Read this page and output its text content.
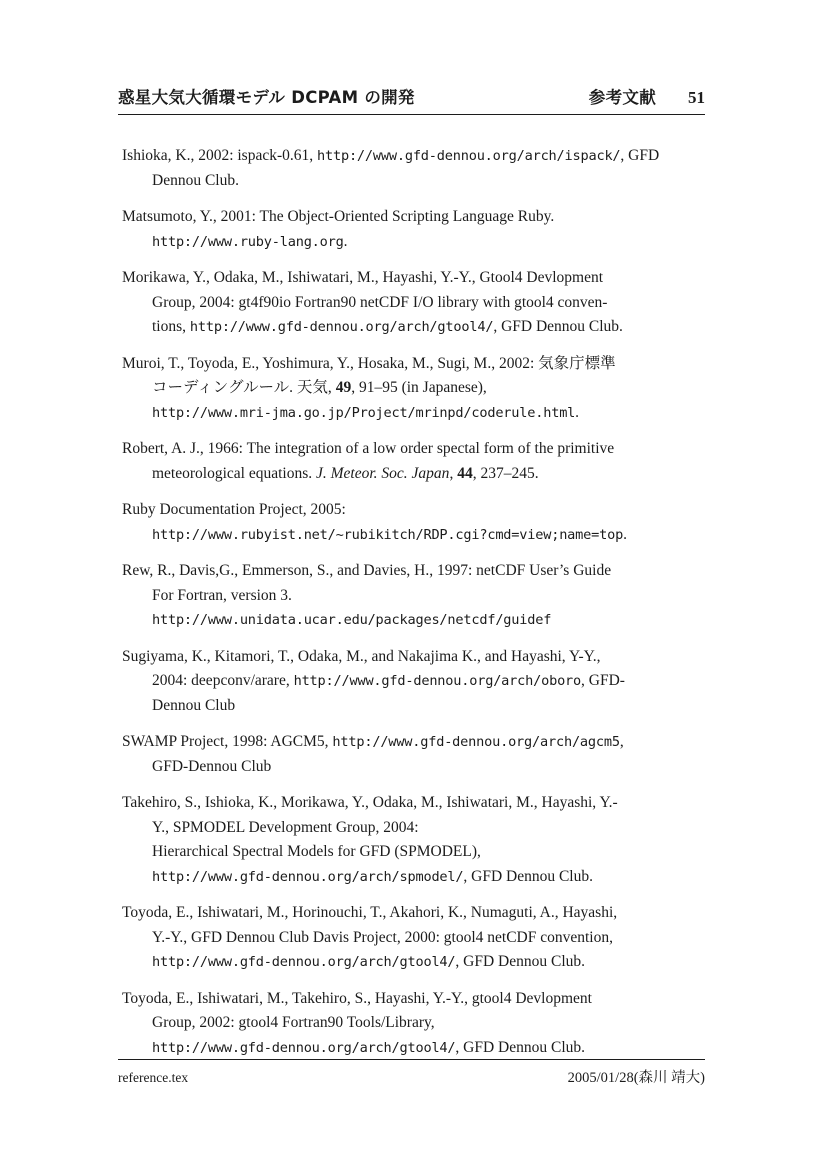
惑星大気大循環モデル DCPAM の開発	参考文献 51
Ishioka, K., 2002: ispack-0.61, http://www.gfd-dennou.org/arch/ispack/, GFD
Dennou Club.
Matsumoto, Y., 2001: The Object-Oriented Scripting Language Ruby.
http://www.ruby-lang.org.
Morikawa, Y., Odaka, M., Ishiwatari, M., Hayashi, Y.-Y., Gtool4 Devlopment
Group, 2004: gt4f90io Fortran90 netCDF I/O library with gtool4 conven-
tions, http://www.gfd-dennou.org/arch/gtool4/, GFD Dennou Club.
Muroi, T., Toyoda, E., Yoshimura, Y., Hosaka, M., Sugi, M., 2002: 気象庁標準
コーディングルール. 天気, 49, 91–95 (in Japanese),
http://www.mri-jma.go.jp/Project/mrinpd/coderule.html.
Robert, A. J., 1966: The integration of a low order spectal form of the primitive
meteorological equations. J. Meteor. Soc. Japan, 44, 237–245.
Ruby Documentation Project, 2005:
http://www.rubyist.net/~rubikitch/RDP.cgi?cmd=view;name=top.
Rew, R., Davis,G., Emmerson, S., and Davies, H., 1997: netCDF User’s Guide
For Fortran, version 3.
http://www.unidata.ucar.edu/packages/netcdf/guidef
Sugiyama, K., Kitamori, T., Odaka, M., and Nakajima K., and Hayashi, Y-Y.,
2004: deepconv/arare, http://www.gfd-dennou.org/arch/oboro, GFD-
Dennou Club
SWAMP Project, 1998: AGCM5, http://www.gfd-dennou.org/arch/agcm5,
GFD-Dennou Club
Takehiro, S., Ishioka, K., Morikawa, Y., Odaka, M., Ishiwatari, M., Hayashi, Y.-
Y., SPMODEL Development Group, 2004:
Hierarchical Spectral Models for GFD (SPMODEL),
http://www.gfd-dennou.org/arch/spmodel/, GFD Dennou Club.
Toyoda, E., Ishiwatari, M., Horinouchi, T., Akahori, K., Numaguti, A., Hayashi,
Y.-Y., GFD Dennou Club Davis Project, 2000: gtool4 netCDF convention,
http://www.gfd-dennou.org/arch/gtool4/, GFD Dennou Club.
Toyoda, E., Ishiwatari, M., Takehiro, S., Hayashi, Y.-Y., gtool4 Devlopment
Group, 2002: gtool4 Fortran90 Tools/Library,
http://www.gfd-dennou.org/arch/gtool4/, GFD Dennou Club.
reference.tex	2005/01/28(森川 靖大)
